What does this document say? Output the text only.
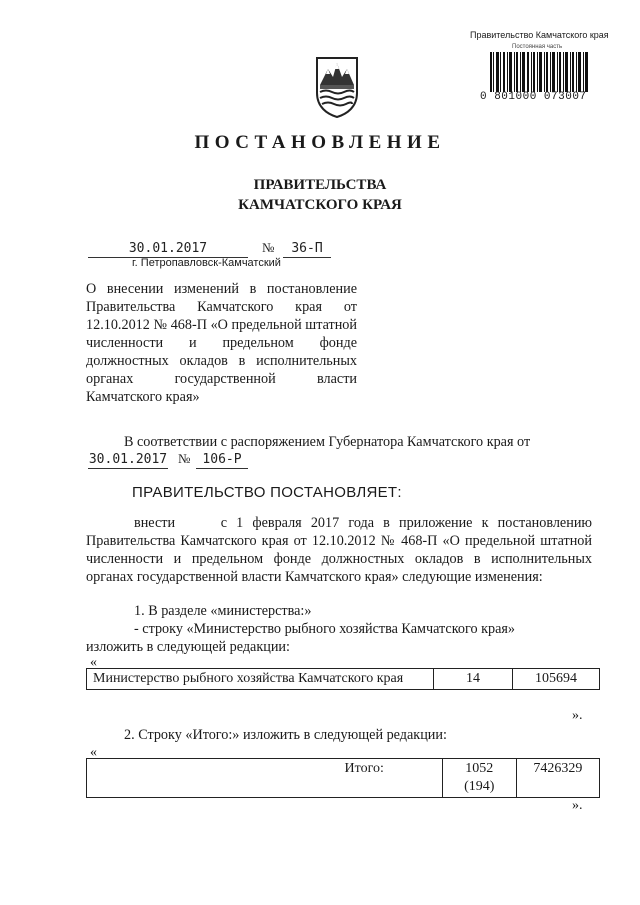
Правительство Камчатского края
Постоянная часть
0 801000 073007
ПОСТАНОВЛЕНИЕ
ПРАВИТЕЛЬСТВА
КАМЧАТСКОГО КРАЯ
30.01.2017	№	36-П
г. Петропавловск-Камчатский
О внесении изменений в постановление Правительства Камчатского края от 12.10.2012 № 468-П «О предельной штатной численности и предельном фонде должностных окладов в исполнительных органах государственной власти Камчатского края»
В соответствии с распоряжением Губернатора Камчатского края от
30.01.2017 № 106-Р
ПРАВИТЕЛЬСТВО ПОСТАНОВЛЯЕТ:
внести	с 1 февраля 2017 года в приложение к постановлению Правительства Камчатского края от 12.10.2012 № 468-П «О предельной штатной численности и предельном фонде должностных окладов в исполнительных органах государственной власти Камчатского края» следующие изменения:
1. В разделе «министерства:»
- строку «Министерство рыбного хозяйства Камчатского края»
изложить в следующей редакции:
«
Министерство рыбного хозяйства Камчатского края	14	105694
».
2. Строку «Итого:» изложить в следующей редакции:
«
Итого:	1052
(194)
	7426329
».
